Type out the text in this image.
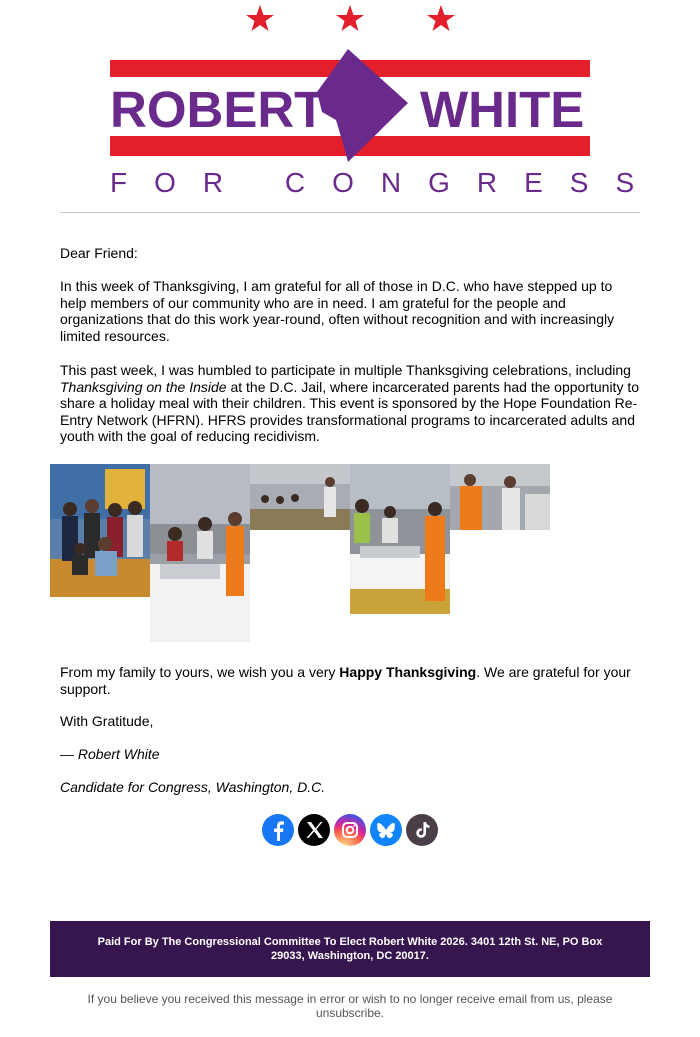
ROBERT WHITE
FOR CONGRESS

Dear Friend:

In this week of Thanksgiving, I am grateful for all of those in D.C. who have stepped up to help members of our community who are in need. I am grateful for the people and organizations that do this work year-round, often without recognition and with increasingly limited resources.

This past week, I was humbled to participate in multiple Thanksgiving celebrations, including Thanksgiving on the Inside at the D.C. Jail, where incarcerated parents had the opportunity to share a holiday meal with their children. This event is sponsored by the Hope Foundation Re-Entry Network (HFRN). HFRS provides transformational programs to incarcerated adults and youth with the goal of reducing recidivism.

From my family to yours, we wish you a very Happy Thanksgiving. We are grateful for your support.

With Gratitude,

— Robert White

Candidate for Congress, Washington, D.C.

Paid For By The Congressional Committee To Elect Robert White 2026. 3401 12th St. NE, PO Box 29033, Washington, DC 20017.
If you believe you received this message in error or wish to no longer receive email from us, please unsubscribe.
